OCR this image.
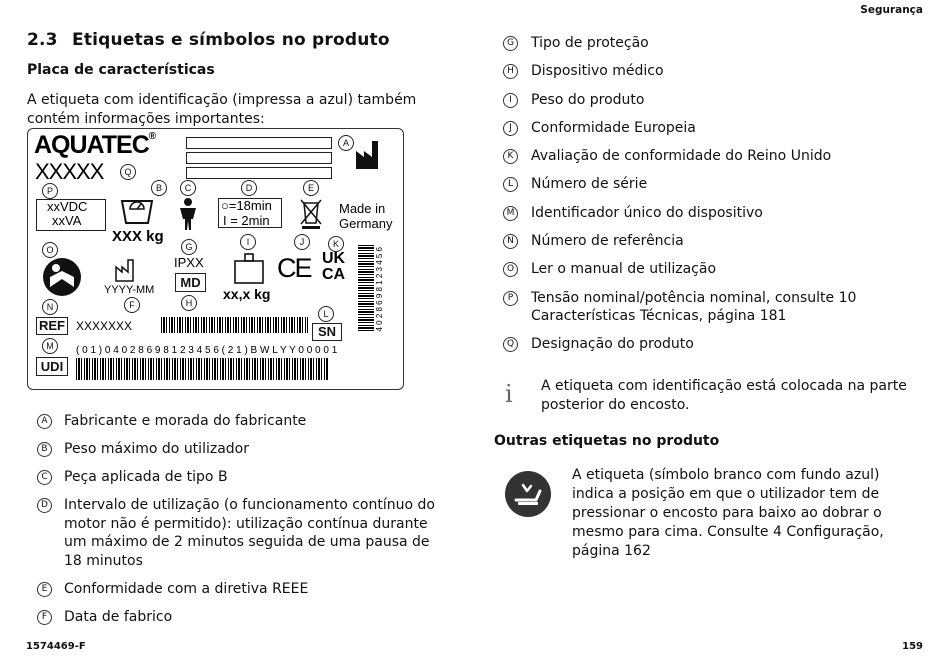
Segurança
2.3 Etiquetas e símbolos no produto
Placa de características
A etiqueta com identificação (impressa a azul) também contém informações importantes:
AQUATEC®
XXXXX	Q
A
P
xxVDC
xxVA
B
XXX kg
C	D
○=18min
I = 2min
E
Made in
Germany
O
YYYY-MM
F
G
IPXX
MD
H
I
xx,x kg
J
CE
K
UK
CA	4 0 2 8 6 9 8 1 2 3 4 5 6
N
REF XXXXXXX
L
SN
M
UDI
( 0 1 ) 0 4 0 2 8 6 9 8 1 2 3 4 5 6 ( 2 1 ) B W L Y Y 0 0 0 0 1
A	Fabricante e morada do fabricante
B	Peso máximo do utilizador
C	Peça aplicada de tipo B
D Intervalo de utilização (o funcionamento contínuo do motor não é permitido): utilização contínua durante um máximo de 2 minutos seguida de uma pausa de 18 minutos
E	Conformidade com a diretiva REEE
F	Data de fabrico
G Tipo de proteção
H Dispositivo médico
I	Peso do produto
J	Conformidade Europeia
K	Avaliação de conformidade do Reino Unido
L	Número de série
M Identificador único do dispositivo
N Número de referência
O Ler o manual de utilização
P	Tensão nominal/potência nominal, consulte 10 Características Técnicas, página 181
Q Designação do produto
i A etiqueta com identificação está colocada na parte posterior do encosto.
Outras etiquetas no produto
A etiqueta (símbolo branco com fundo azul) indica a posição em que o utilizador tem de pressionar o encosto para baixo ao dobrar o mesmo para cima. Consulte 4 Configuração, página 162
1574469-F	159
